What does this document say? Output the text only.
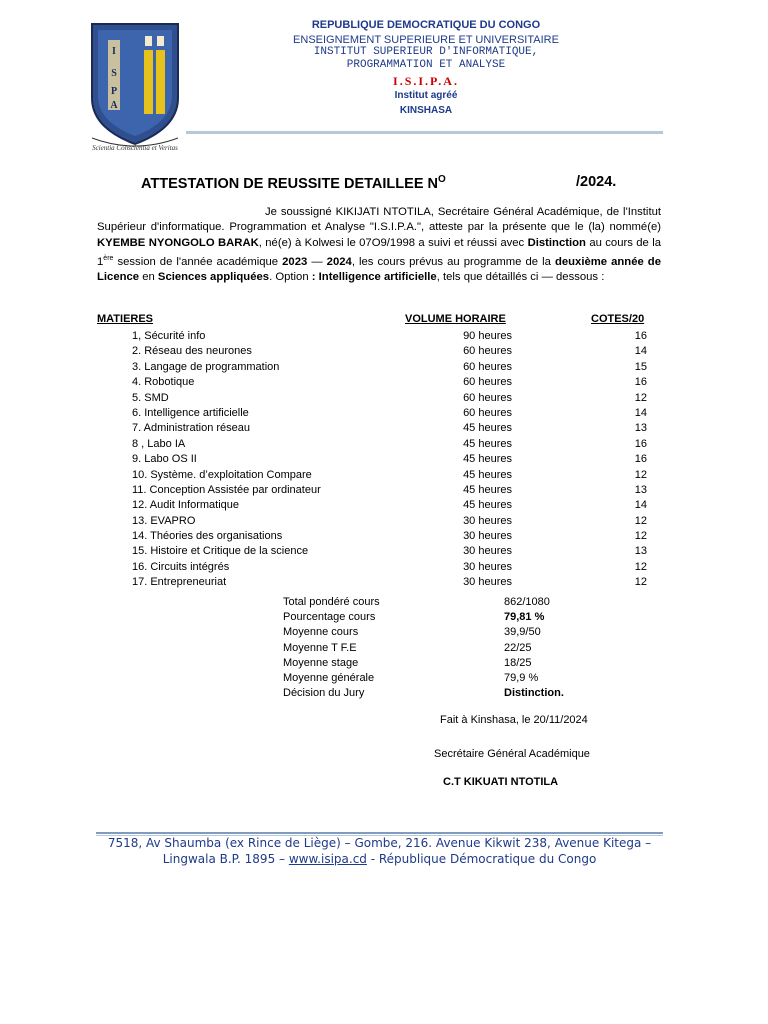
I
S
P
A
Scientia Conscientia et Veritas
REPUBLIQUE DEMOCRATIQUE DU CONGO
ENSEIGNEMENT SUPERIEURE ET UNIVERSITAIRE
INSTITUT SUPERIEUR D'INFORMATIQUE,
PROGRAMMATION ET ANALYSE
I.S.I.P.A.
Institut agréé
KINSHASA
ATTESTATION DE REUSSITE DETAILLEE $N^O$	/2024.
Je soussigné KIKIJATI NTOTILA, Secrétaire Général Académique, de l'Institut Supérieur d'informatique. Programmation et Analyse "I.S.I.P.A.", atteste par la présente que le (la) nommé(e) KYEMBE NYONGOLO BARAK, né(e) à Kolwesi le 07O9/1998 a suivi et réussi avec Distinction au cours de la 1ère session de l'année académique 2023 — 2024, les cours prévus au programme de la deuxième année de Licence en Sciences appliquées. Option : Intelligence artificielle, tels que détaillés ci — dessous :
MATIERES	VOLUME HORAIRE	COTES/20
1, Sécurité info	90 heures	16
2. Réseau des neurones	60 heures	14
3. Langage de programmation	60 heures	15
4. Robotique	60 heures	16
5. SMD	60 heures	12
6. Intelligence artificielle	60 heures	14
7. Administration réseau	45 heures	13
8 , Labo IA	45 heures	16
9. Labo OS II	45 heures	16
10. Système. d’exploitation Compare	45 heures	12
11. Conception Assistée par ordinateur	45 heures	13
12. Audit Informatique	45 heures	14
13. EVAPRO	30 heures	12
14. Théories des organisations	30 heures	12
15. Histoire et Critique de la science	30 heures	13
16. Circuits intégrés	30 heures	12
17. Entrepreneuriat	30 heures	12
Total pondéré cours	862/1080
Pourcentage cours	79,81 %
Moyenne cours	39,9/50
Moyenne T F.E	22/25
Moyenne stage	18/25
Moyenne générale	79,9 %
Décision du Jury	Distinction.
Fait à Kinshasa, le 20/11/2024
Secrétaire Général Académique
C.T KIKUATI NTOTILA
7518, Av Shaumba (ex Rince de Liège) – Gombe, 216. Avenue Kikwit 238, Avenue Kitega –
Lingwala B.P. 1895 – www.isipa.cd - République Démocratique du Congo
